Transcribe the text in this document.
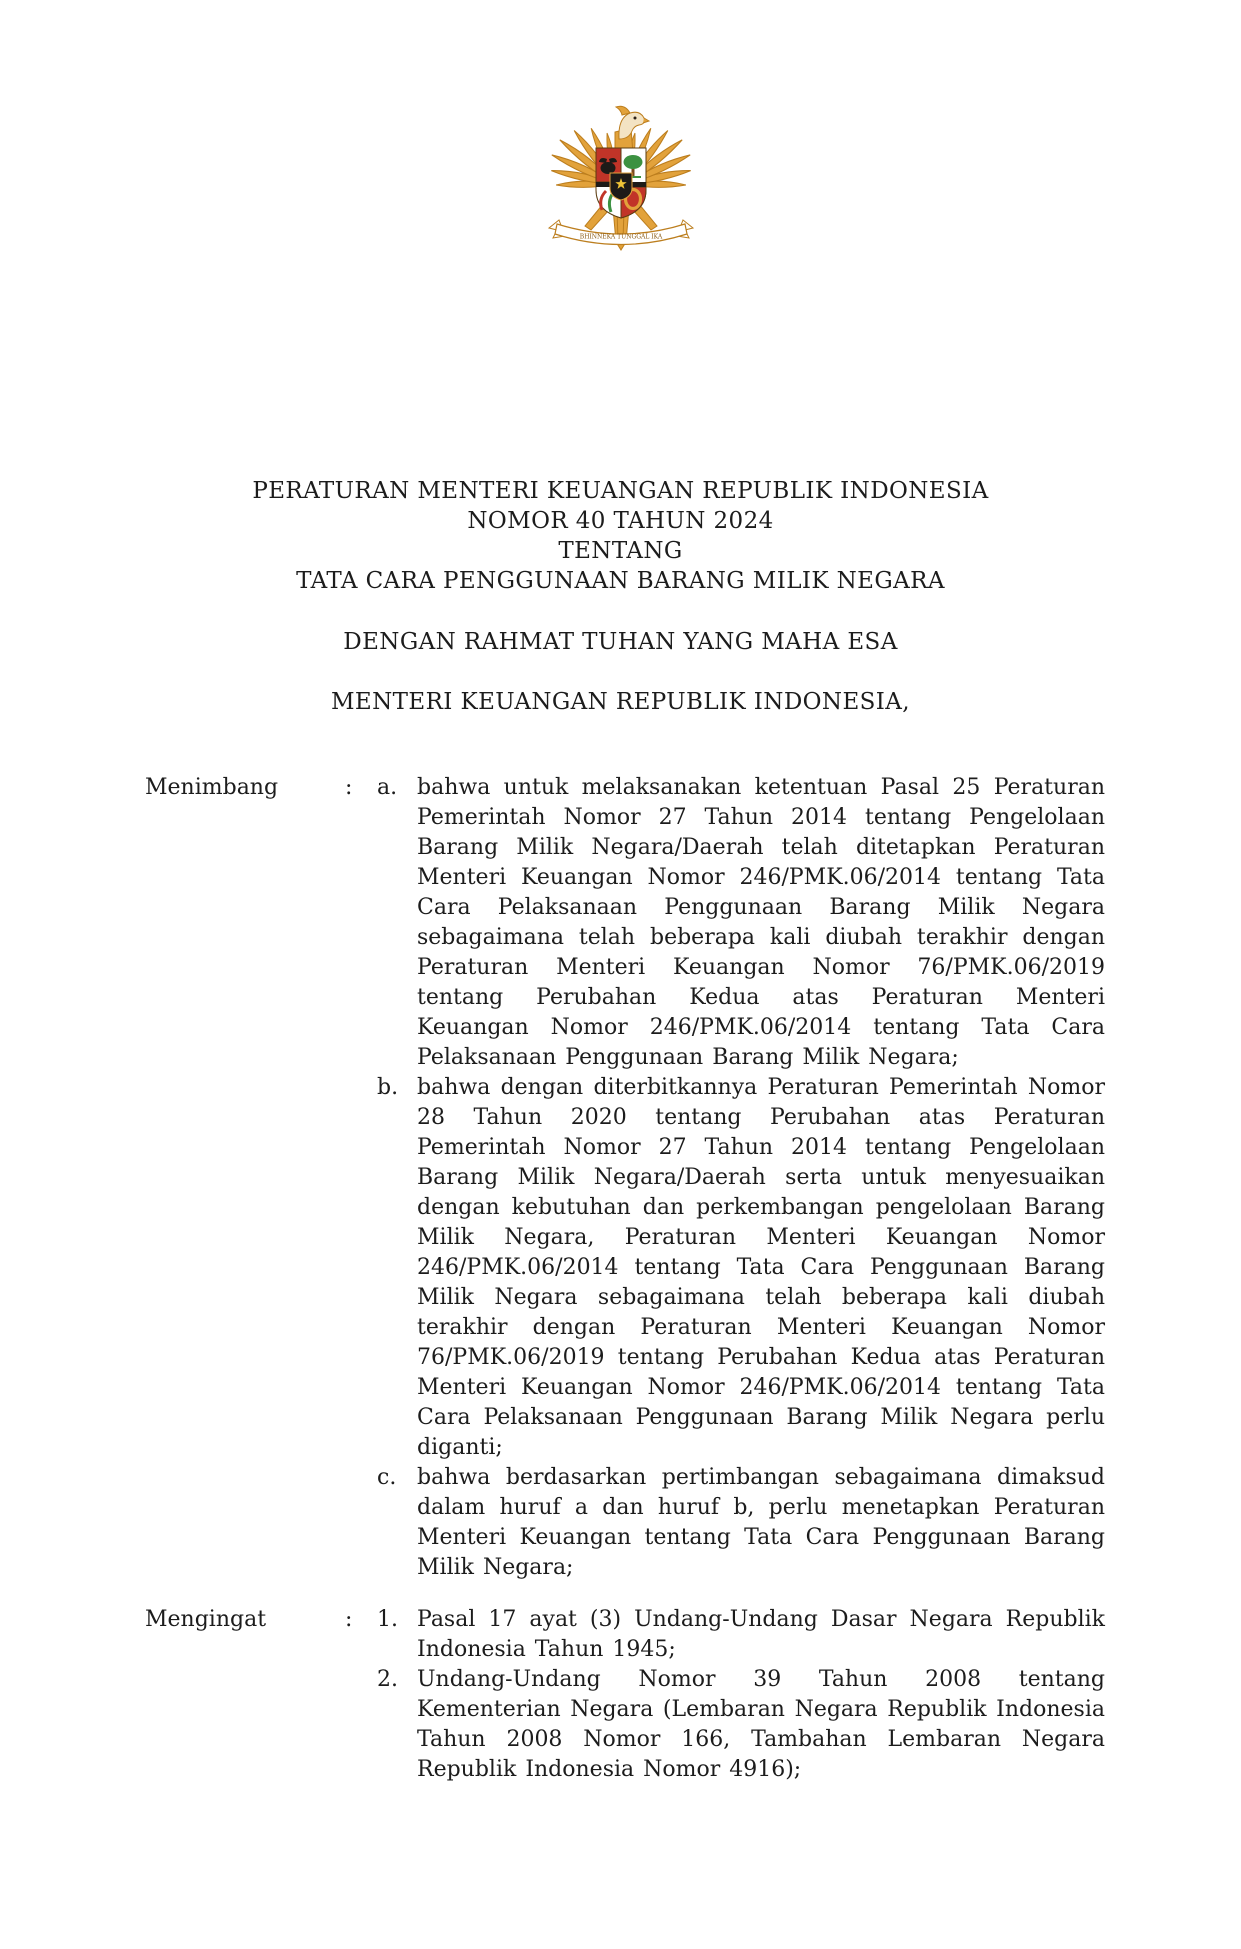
BHINNEKA TUNGGAL IKA
PERATURAN MENTERI KEUANGAN REPUBLIK INDONESIA
NOMOR 40 TAHUN 2024
TENTANG
TATA CARA PENGGUNAAN BARANG MILIK NEGARA
DENGAN RAHMAT TUHAN YANG MAHA ESA
MENTERI KEUANGAN REPUBLIK INDONESIA,
Menimbang	:	a. bahwa untuk melaksanakan ketentuan Pasal 25 Peraturan Pemerintah Nomor 27 Tahun 2014 tentang Pengelolaan Barang Milik Negara/Daerah telah ditetapkan Peraturan Menteri Keuangan Nomor 246/PMK.06/2014 tentang Tata Cara Pelaksanaan Penggunaan Barang Milik Negara sebagaimana telah beberapa kali diubah terakhir dengan Peraturan Menteri Keuangan Nomor 76/PMK.06/2019 tentang Perubahan Kedua atas Peraturan Menteri Keuangan Nomor 246/PMK.06/2014 tentang Tata Cara Pelaksanaan Penggunaan Barang Milik Negara;
b. bahwa dengan diterbitkannya Peraturan Pemerintah Nomor 28 Tahun 2020 tentang Perubahan atas Peraturan Pemerintah Nomor 27 Tahun 2014 tentang Pengelolaan Barang Milik Negara/Daerah serta untuk menyesuaikan dengan kebutuhan dan perkembangan pengelolaan Barang Milik Negara, Peraturan Menteri Keuangan Nomor 246/PMK.06/2014 tentang Tata Cara Penggunaan Barang Milik Negara sebagaimana telah beberapa kali diubah terakhir dengan Peraturan Menteri Keuangan Nomor 76/PMK.06/2019 tentang Perubahan Kedua atas Peraturan Menteri Keuangan Nomor 246/PMK.06/2014 tentang Tata Cara Pelaksanaan Penggunaan Barang Milik Negara perlu diganti;
c. bahwa berdasarkan pertimbangan sebagaimana dimaksud dalam huruf a dan huruf b, perlu menetapkan Peraturan Menteri Keuangan tentang Tata Cara Penggunaan Barang Milik Negara;
Mengingat	:	1. Pasal 17 ayat (3) Undang-Undang Dasar Negara Republik Indonesia Tahun 1945;
2. Undang-Undang Nomor 39 Tahun 2008 tentang Kementerian Negara (Lembaran Negara Republik Indonesia Tahun 2008 Nomor 166, Tambahan Lembaran Negara Republik Indonesia Nomor 4916);
